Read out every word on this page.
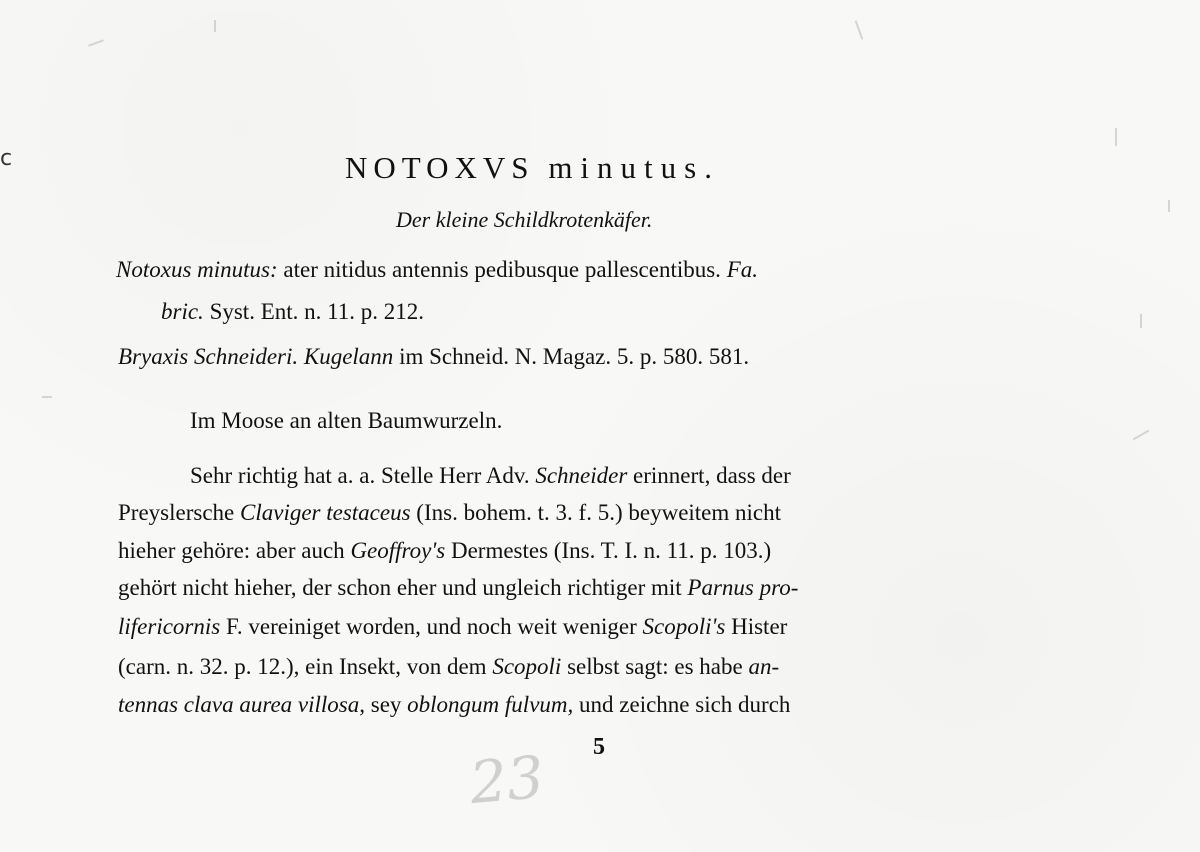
c	NOTOXVS minutus.
Der kleine Schildkrotenkäfer.
Notoxus minutus: ater nitidus antennis pedibusque pallescentibus. Fa.
bric. Syst. Ent. n. 11. p. 212.
Bryaxis Schneideri. Kugelann im Schneid. N. Magaz. 5. p. 580. 581.
Im Moose an alten Baumwurzeln.
Sehr richtig hat a. a. Stelle Herr Adv. Schneider erinnert, dass der
Preyslersche Claviger testaceus (Ins. bohem. t. 3. f. 5.) beyweitem nicht
hieher gehöre: aber auch Geoffroy's Dermestes (Ins. T. I. n. 11. p. 103.)
gehört nicht hieher, der schon eher und ungleich richtiger mit Parnus pro-
lifericornis F. vereiniget worden, und noch weit weniger Scopoli's Hister
(carn. n. 32. p. 12.), ein Insekt, von dem Scopoli selbst sagt: es habe an-
tennas clava aurea villosa, sey oblongum fulvum, und zeichne sich durch
5
23
